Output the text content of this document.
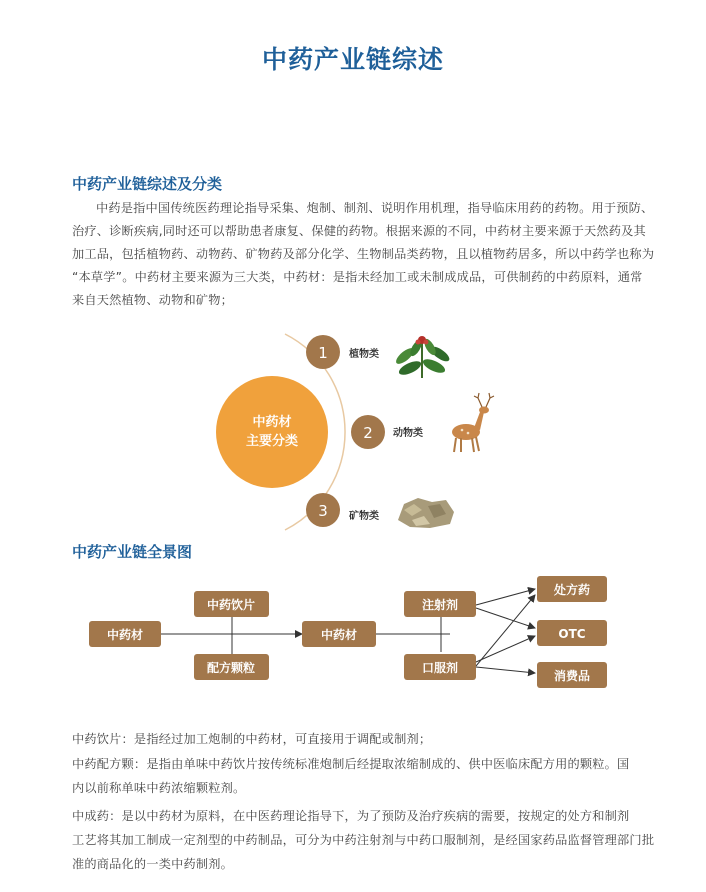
中药产业链综述
中药产业链综述及分类

中药是指中国传统医药理论指导采集、炮制、制剂、说明作用机理，指导临床用药的药物。用于预防、

治疗、诊断疾病,同时还可以帮助患者康复、保健的药物。根据来源的不同，中药材主要来源于天然药及其

加工品，包括植物药、动物药、矿物药及部分化学、生物制品类药物，且以植物药居多，所以中药学也称为

“本草学”。中药材主要来源为三大类，中药材：是指未经加工或未制成成品，可供制药的中药原料，通常

来自天然植物、动物和矿物；

中药材
主要分类
1 植物类
2 动物类
3 矿物类
中药产业链全景图
中药材
中药饮片
配方颗粒
中药材
注射剂
口服剂
处方药
OTC
消费品

中药饮片：是指经过加工炮制的中药材，可直接用于调配或制剂；

中药配方颗：是指由单味中药饮片按传统标准炮制后经提取浓缩制成的、供中医临床配方用的颗粒。国

内以前称单味中药浓缩颗粒剂。

中成药：是以中药材为原料，在中医药理论指导下，为了预防及治疗疾病的需要，按规定的处方和制剂

工艺将其加工制成一定剂型的中药制品，可分为中药注射剂与中药口服制剂，是经国家药品监督管理部门批

准的商品化的一类中药制剂。
